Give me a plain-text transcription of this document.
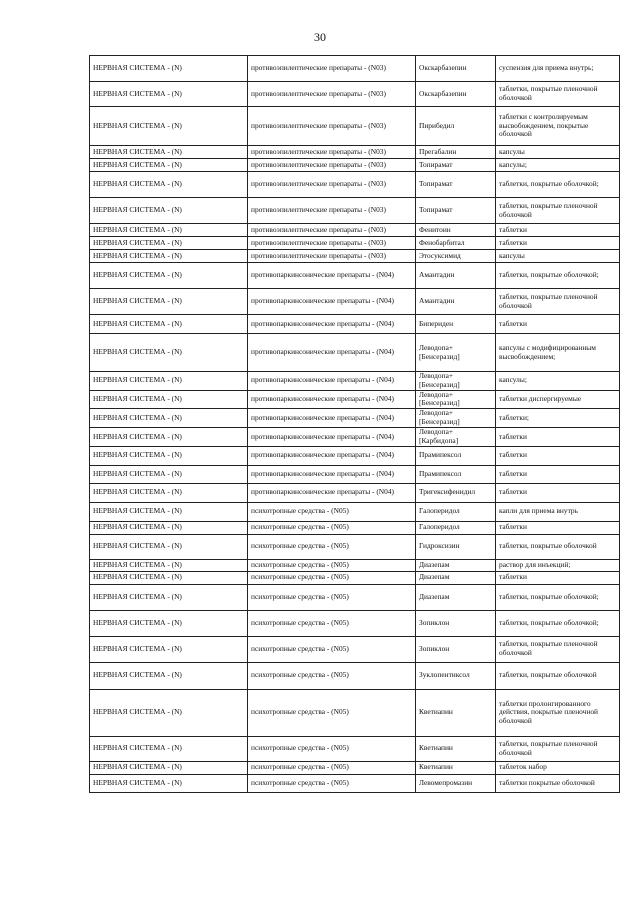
30
НЕРВНАЯ СИСТЕМА - (N)	противоэпилептические препараты - (N03)	Окскарбазепин	суспензия для приема внутрь;
НЕРВНАЯ СИСТЕМА - (N)	противоэпилептические препараты - (N03)	Окскарбазепин	таблетки, покрытые пленочной оболочкой
НЕРВНАЯ СИСТЕМА - (N)	противоэпилептические препараты - (N03)	Пирибедил	таблетки с контролируемым высвобождением, покрытые оболочкой
НЕРВНАЯ СИСТЕМА - (N)	противоэпилептические препараты - (N03)	Прегабалин	капсулы
НЕРВНАЯ СИСТЕМА - (N)	противоэпилептические препараты - (N03)	Топирамат	капсулы;
НЕРВНАЯ СИСТЕМА - (N)	противоэпилептические препараты - (N03)	Топирамат	таблетки, покрытые оболочкой;
НЕРВНАЯ СИСТЕМА - (N)	противоэпилептические препараты - (N03)	Топирамат	таблетки, покрытые пленочной оболочкой
НЕРВНАЯ СИСТЕМА - (N)	противоэпилептические препараты - (N03)	Фенитоин	таблетки
НЕРВНАЯ СИСТЕМА - (N)	противоэпилептические препараты - (N03)	Фенобарбитал	таблетки
НЕРВНАЯ СИСТЕМА - (N)	противоэпилептические препараты - (N03)	Этосуксимид	капсулы
НЕРВНАЯ СИСТЕМА - (N)	противопаркинсонические препараты - (N04)	Амантадин	таблетки, покрытые оболочкой;
НЕРВНАЯ СИСТЕМА - (N)	противопаркинсонические препараты - (N04)	Амантадин	таблетки, покрытые пленочной оболочкой
НЕРВНАЯ СИСТЕМА - (N)	противопаркинсонические препараты - (N04)	Бипериден	таблетки
НЕРВНАЯ СИСТЕМА - (N)	противопаркинсонические препараты - (N04)	Леводопа+[Бенсеразид]	капсулы с модифицированным высвобождением;
НЕРВНАЯ СИСТЕМА - (N)	противопаркинсонические препараты - (N04)	Леводопа+[Бенсеразид]	капсулы;
НЕРВНАЯ СИСТЕМА - (N)	противопаркинсонические препараты - (N04)	Леводопа+[Бенсеразид]	таблетки диспергируемые
НЕРВНАЯ СИСТЕМА - (N)	противопаркинсонические препараты - (N04)	Леводопа+[Бенсеразид]	таблетки;
НЕРВНАЯ СИСТЕМА - (N)	противопаркинсонические препараты - (N04)	Леводопа+[Карбидопа]	таблетки
НЕРВНАЯ СИСТЕМА - (N)	противопаркинсонические препараты - (N04)	Прамипексол	таблетки
НЕРВНАЯ СИСТЕМА - (N)	противопаркинсонические препараты - (N04)	Прамипексол	таблетки
НЕРВНАЯ СИСТЕМА - (N)	противопаркинсонические препараты - (N04)	Тригексифенидил	таблетки
НЕРВНАЯ СИСТЕМА - (N)	психотропные средства - (N05)	Галоперидол	капли для приема внутрь
НЕРВНАЯ СИСТЕМА - (N)	психотропные средства - (N05)	Галоперидол	таблетки
НЕРВНАЯ СИСТЕМА - (N)	психотропные средства - (N05)	Гидроксизин	таблетки, покрытые оболочкой
НЕРВНАЯ СИСТЕМА - (N)	психотропные средства - (N05)	Диазепам	раствор для инъекций;
НЕРВНАЯ СИСТЕМА - (N)	психотропные средства - (N05)	Диазепам	таблетки
НЕРВНАЯ СИСТЕМА - (N)	психотропные средства - (N05)	Диазепам	таблетки, покрытые оболочкой;
НЕРВНАЯ СИСТЕМА - (N)	психотропные средства - (N05)	Зопиклон	таблетки, покрытые оболочкой;
НЕРВНАЯ СИСТЕМА - (N)	психотропные средства - (N05)	Зопиклон	таблетки, покрытые пленочной оболочкой
НЕРВНАЯ СИСТЕМА - (N)	психотропные средства - (N05)	Зуклопентиксол	таблетки, покрытые оболочкой
НЕРВНАЯ СИСТЕМА - (N)	психотропные средства - (N05)	Кветиапин	таблетки пролонгированного действия, покрытые пленочной оболочкой
НЕРВНАЯ СИСТЕМА - (N)	психотропные средства - (N05)	Кветиапин	таблетки, покрытые пленочной оболочкой
НЕРВНАЯ СИСТЕМА - (N)	психотропные средства - (N05)	Кветиапин	таблеток набор
НЕРВНАЯ СИСТЕМА - (N)	психотропные средства - (N05)	Левомепромазин	таблетки покрытые оболочкой
